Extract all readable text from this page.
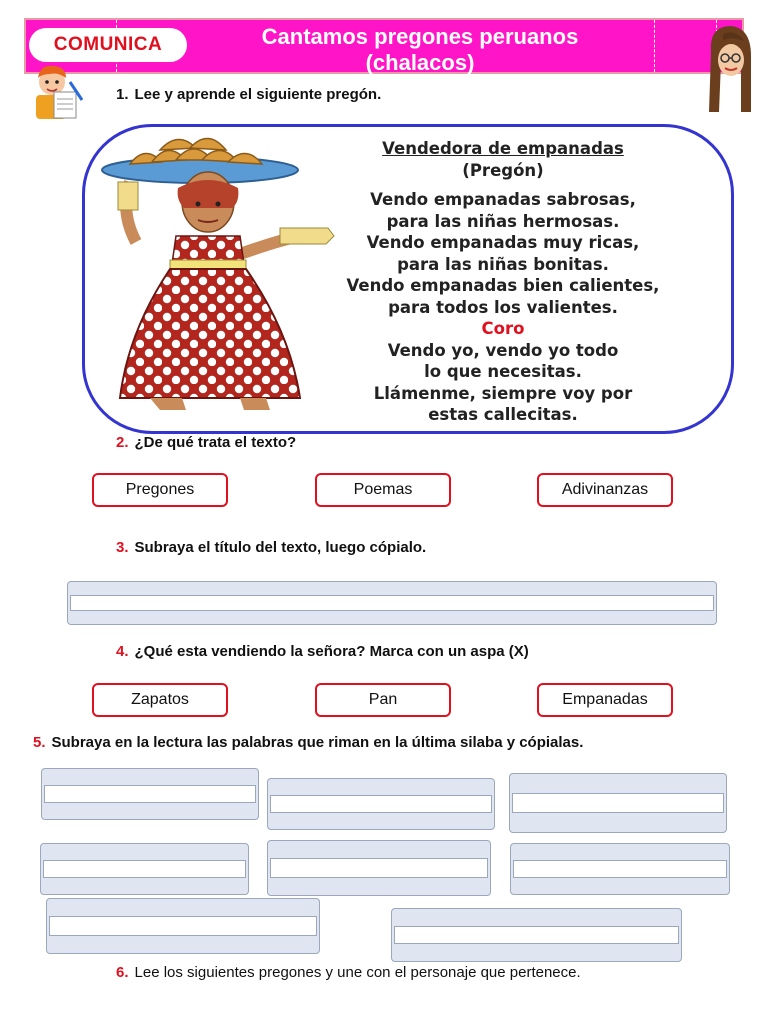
Cantamos pregones peruanos
(chalacos)
COMUNICA
1. Lee y aprende el siguiente pregón.
Vendedora de empanadas
(Pregón)
Vendo empanadas sabrosas,
para las niñas hermosas.
Vendo empanadas muy ricas,
para las niñas bonitas.
Vendo empanadas bien calientes,
para todos los valientes.
Coro
Vendo yo, vendo yo todo
lo que necesitas.
Llámenme, siempre voy por
estas callecitas.
2. ¿De qué trata el texto?
Pregones	Poemas	Adivinanzas
3. Subraya el título del texto, luego cópialo.
4. ¿Qué esta vendiendo la señora? Marca con un aspa (X)
Zapatos	Pan	Empanadas
5. Subraya en la lectura las palabras que riman en la última silaba y cópialas.
6. Lee los siguientes pregones y une con el personaje que pertenece.
